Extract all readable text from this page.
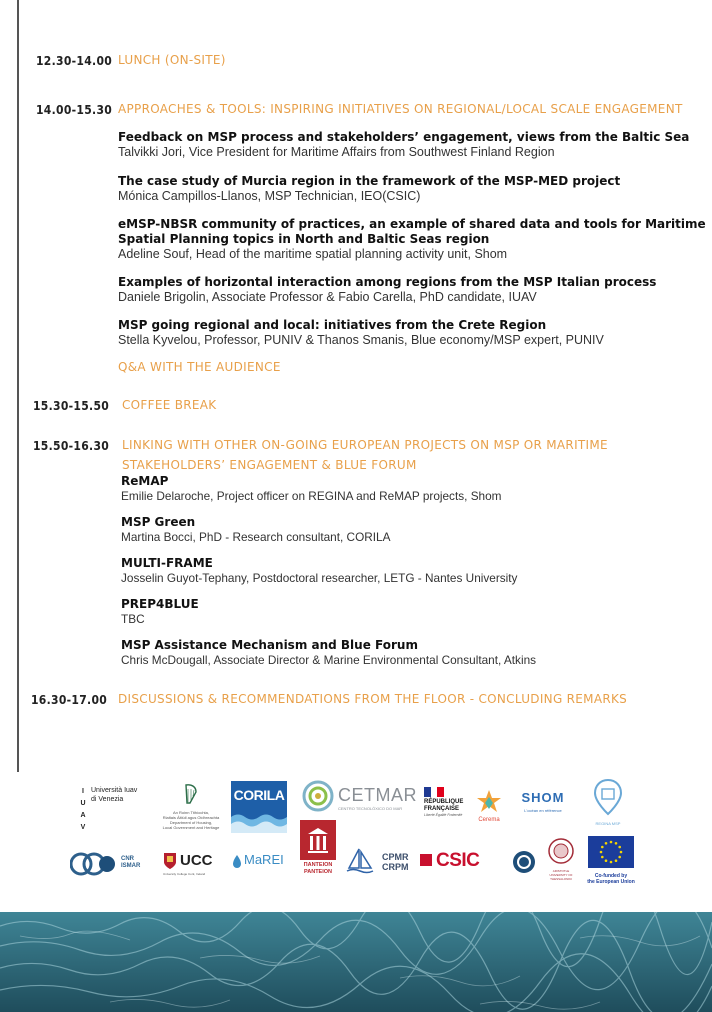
12.30-14.00 LUNCH (ON-SITE)
14.00-15.30 APPROACHES & TOOLS: INSPIRING INITIATIVES ON REGIONAL/LOCAL SCALE ENGAGEMENT
Feedback on MSP process and stakeholders’ engagement, views from the Baltic Sea
Talvikki Jori, Vice President for Maritime Affairs from Southwest Finland Region
The case study of Murcia region in the framework of the MSP-MED project
Mónica Campillos-Llanos, MSP Technician, IEO(CSIC)
eMSP-NBSR community of practices, an example of shared data and tools for Maritime
Spatial Planning topics in North and Baltic Seas region
Adeline Souf, Head of the maritime spatial planning activity unit, Shom
Examples of horizontal interaction among regions from the MSP Italian process
Daniele Brigolin, Associate Professor & Fabio Carella, PhD candidate, IUAV
MSP going regional and local: initiatives from the Crete Region
Stella Kyvelou, Professor, PUNIV & Thanos Smanis, Blue economy/MSP expert, PUNIV
Q&A WITH THE AUDIENCE
15.30-15.50 COFFEE BREAK
15.50-16.30 LINKING WITH OTHER ON-GOING EUROPEAN PROJECTS ON MSP OR MARITIME
STAKEHOLDERS’ ENGAGEMENT & BLUE FORUM
ReMAP
Emilie Delaroche, Project officer on REGINA and ReMAP projects, Shom
MSP Green
Martina Bocci, PhD - Research consultant, CORILA
MULTI-FRAME
Josselin Guyot-Tephany, Postdoctoral researcher, LETG - Nantes University
PREP4BLUE
TBC
MSP Assistance Mechanism and Blue Forum
Chris McDougall, Associate Director & Marine Environmental Consultant, Atkins
16.30-17.00 DISCUSSIONS & RECOMMENDATIONS FROM THE FLOOR - CONCLUDING REMARKS
I
U
A
V
Università Iuav
di Venezia
An Roinn Tithíochta,
Rialtais Áitiúil agus Oidhreachta
Department of Housing,
Local Government and Heritage
CORILA	CETMAR
CENTRO TECNOLÓXICO DO MAR
RÉPUBLIQUE
FRANÇAISE
Liberté Égalité Fraternité
Cerema
SHOM
L'océan en référence
REGINA MSP
CNR
ISMAR	UCC
University College Cork, Ireland
MaREI	ΠΑΝΤΕΙΟΝ
PANTEION
CPMR
CRPM CSIC	ARISTOTLE
UNIVERSITY OF
THESSALONIKI	Co-funded by
the European Union
